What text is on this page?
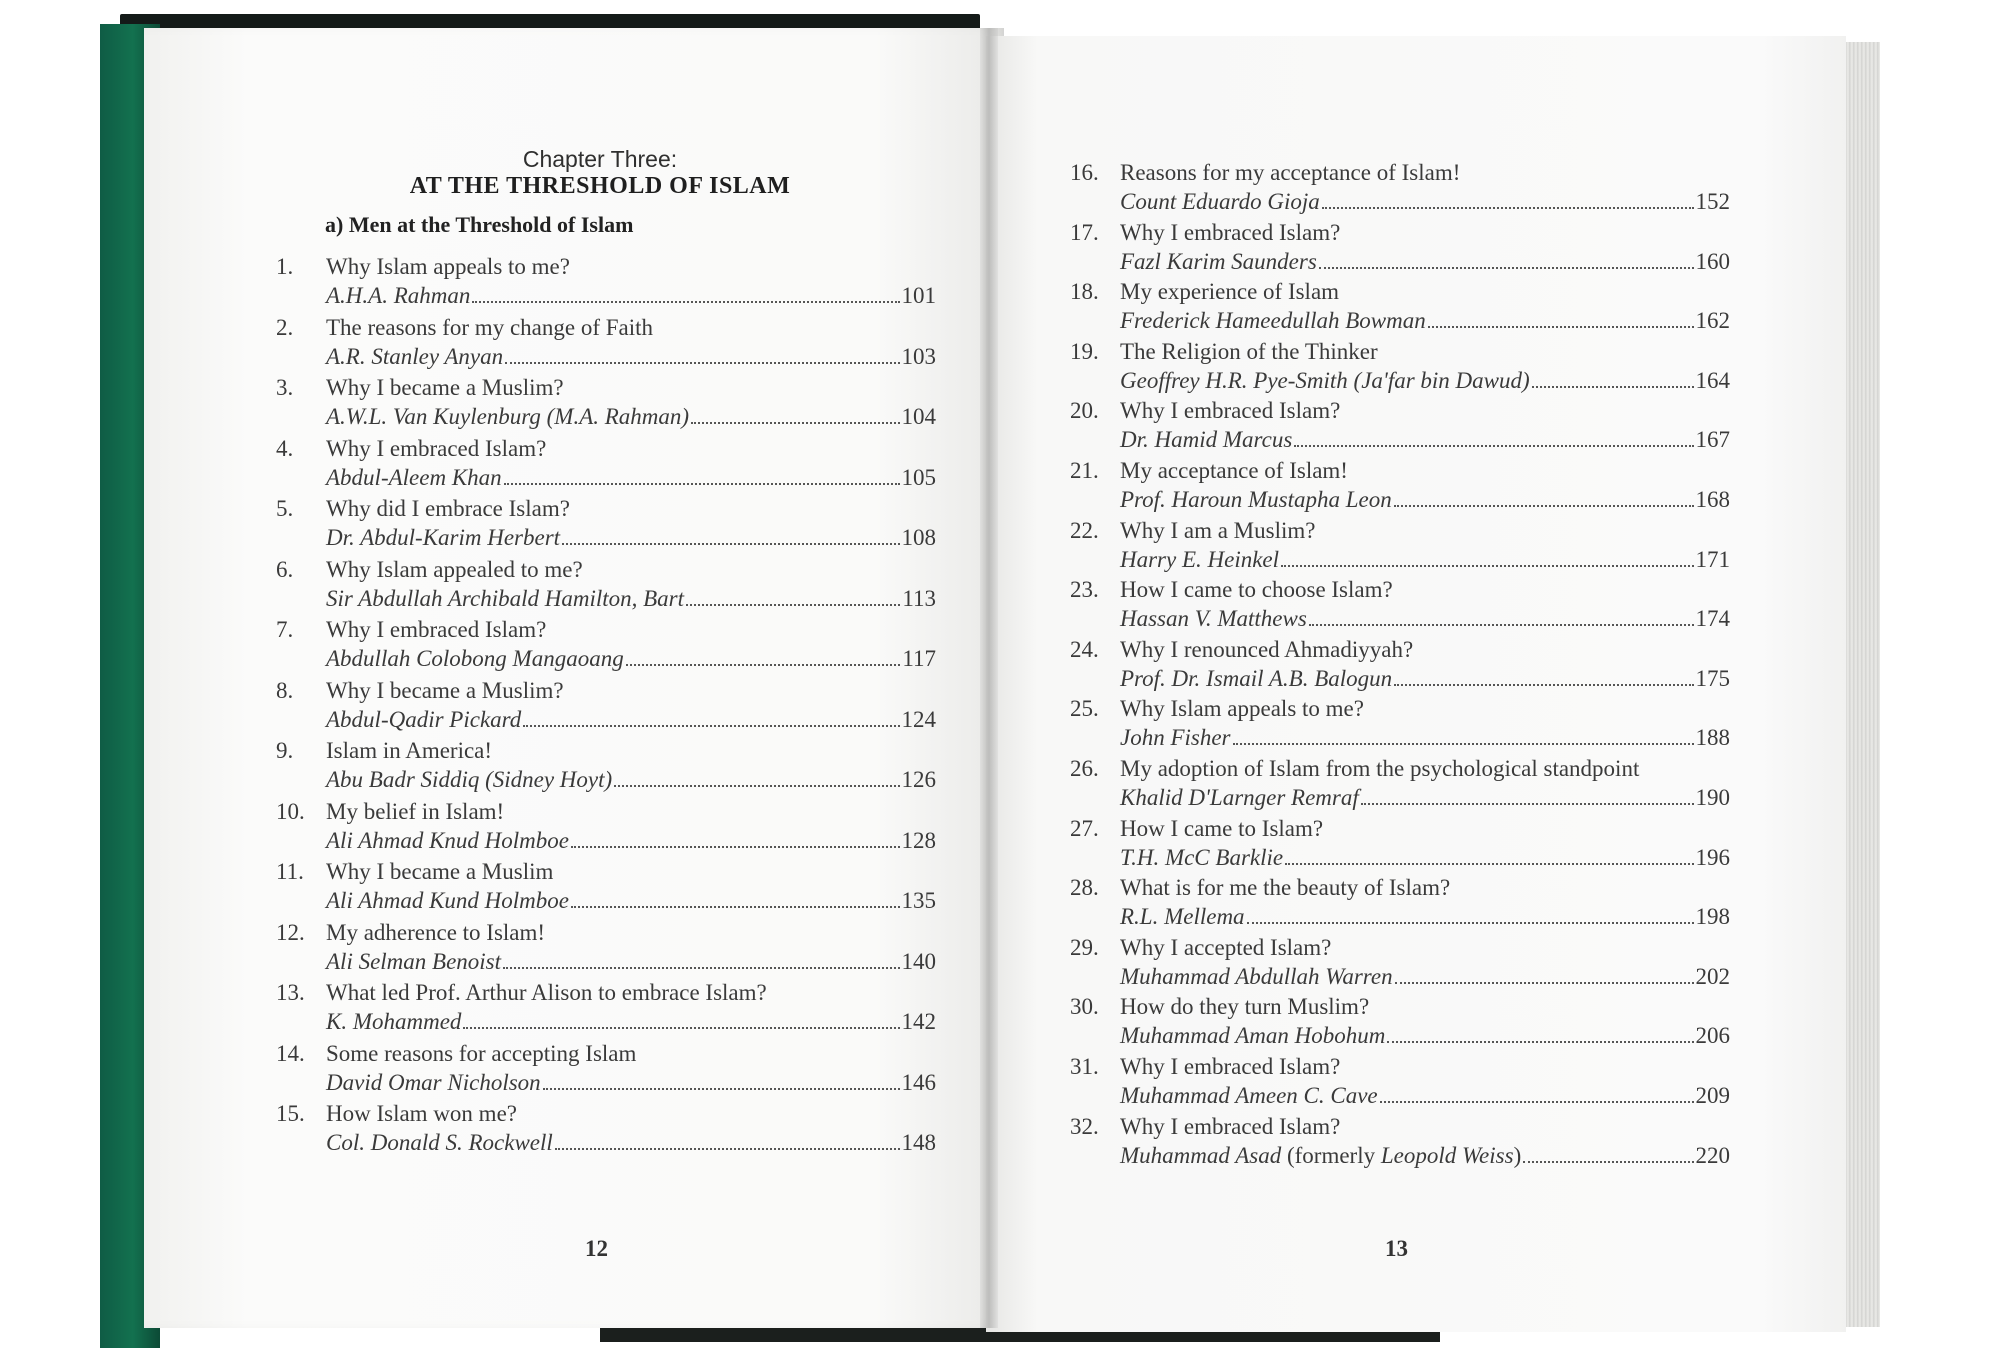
Chapter Three:
AT THE THRESHOLD OF ISLAM
a) Men at the Threshold of Islam
1.	Why Islam appeals to me?
A.H.A. Rahman	101
2.	The reasons for my change of Faith
A.R. Stanley Anyan	103
3.	Why I became a Muslim?
A.W.L. Van Kuylenburg (M.A. Rahman)	104
4.	Why I embraced Islam?
Abdul-Aleem Khan	105
5.	Why did I embrace Islam?
Dr. Abdul-Karim Herbert	108
6.	Why Islam appealed to me?
Sir Abdullah Archibald Hamilton, Bart	113
7.	Why I embraced Islam?
Abdullah Colobong Mangaoang	117
8.	Why I became a Muslim?
Abdul-Qadir Pickard	124
9.	Islam in America!
Abu Badr Siddiq (Sidney Hoyt)	126
10. My belief in Islam!
Ali Ahmad Knud Holmboe	128
11. Why I became a Muslim
Ali Ahmad Kund Holmboe	135
12. My adherence to Islam!
Ali Selman Benoist	140
13. What led Prof. Arthur Alison to embrace Islam?
K. Mohammed	142
14. Some reasons for accepting Islam
David Omar Nicholson	146
15. How Islam won me?
Col. Donald S. Rockwell	148
16. Reasons for my acceptance of Islam!
Count Eduardo Gioja	152
17. Why I embraced Islam?
Fazl Karim Saunders	160
18. My experience of Islam
Frederick Hameedullah Bowman	162
19. The Religion of the Thinker
Geoffrey H.R. Pye-Smith (Ja'far bin Dawud)	164
20. Why I embraced Islam?
Dr. Hamid Marcus	167
21. My acceptance of Islam!
Prof. Haroun Mustapha Leon	168
22. Why I am a Muslim?
Harry E. Heinkel	171
23. How I came to choose Islam?
Hassan V. Matthews	174
24. Why I renounced Ahmadiyyah?
Prof. Dr. Ismail A.B. Balogun	175
25. Why Islam appeals to me?
John Fisher	188
26. My adoption of Islam from the psychological standpoint
Khalid D'Larnger Remraf	190
27. How I came to Islam?
T.H. McC Barklie	196
28. What is for me the beauty of Islam?
R.L. Mellema	198
29. Why I accepted Islam?
Muhammad Abdullah Warren	202
30. How do they turn Muslim?
Muhammad Aman Hobohum	206
31. Why I embraced Islam?
Muhammad Ameen C. Cave	209
32. Why I embraced Islam?
Muhammad Asad (formerly Leopold Weiss)	220
12	13
